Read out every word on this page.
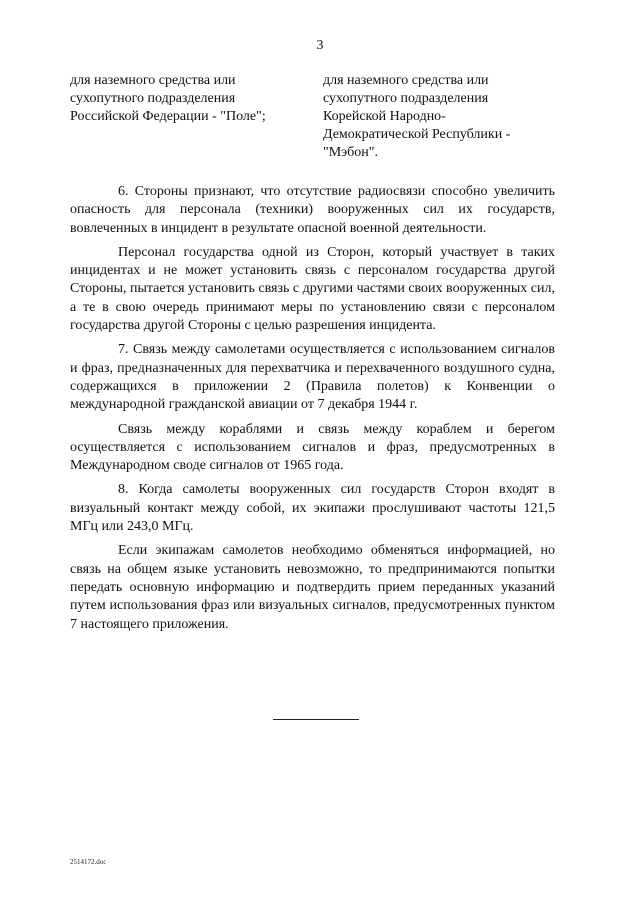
3
для наземного средства или
сухопутного подразделения
Российской Федерации - "Поле";
для наземного средства или
сухопутного подразделения
Корейской Народно-
Демократической Республики -
"Мэбон".

6. Стороны признают, что отсутствие радиосвязи способно увеличить опасность для персонала (техники) вооруженных сил их государств, вовлеченных в инцидент в результате опасной военной деятельности.

Персонал государства одной из Сторон, который участвует в таких инцидентах и не может установить связь с персоналом государства другой Стороны, пытается установить связь с другими частями своих вооруженных сил, а те в свою очередь принимают меры по установлению связи с персоналом государства другой Стороны с целью разрешения инцидента.

7. Связь между самолетами осуществляется с использованием сигналов и фраз, предназначенных для перехватчика и перехваченного воздушного судна, содержащихся в приложении 2 (Правила полетов) к Конвенции о международной гражданской авиации от 7 декабря 1944 г.

Связь между кораблями и связь между кораблем и берегом осуществляется с использованием сигналов и фраз, предусмотренных в Международном своде сигналов от 1965 года.

8. Когда самолеты вооруженных сил государств Сторон входят в визуальный контакт между собой, их экипажи прослушивают частоты 121,5 МГц или 243,0 МГц.

Если экипажам самолетов необходимо обменяться информацией, но связь на общем языке установить невозможно, то предпринимаются попытки передать основную информацию и подтвердить прием переданных указаний путем использования фраз или визуальных сигналов, предусмотренных пунктом 7 настоящего приложения.

2514172.doc
